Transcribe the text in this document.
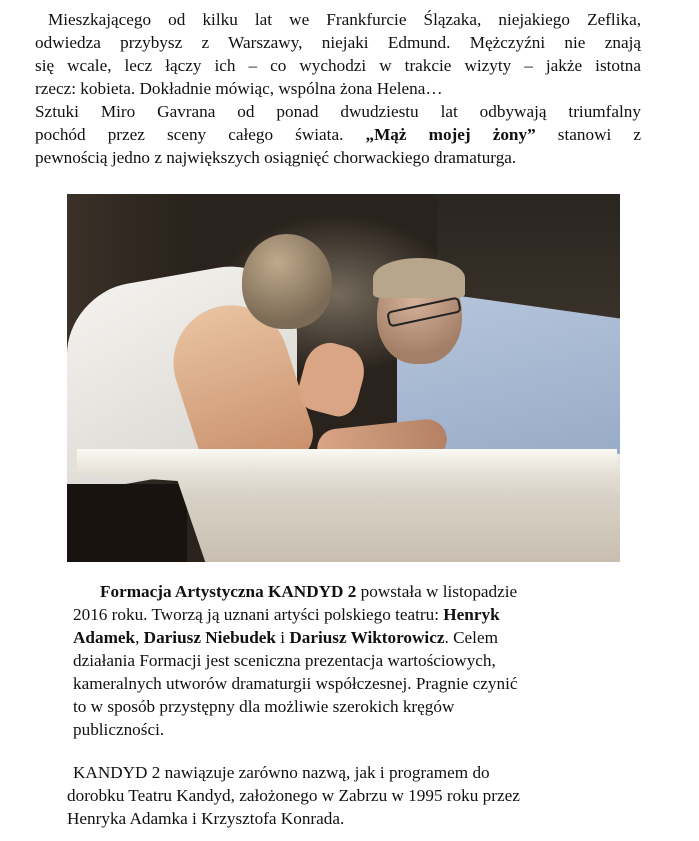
Mieszkającego od kilku lat we Frankfurcie Ślązaka, niejakiego Zeflika,
odwiedza przybysz z Warszawy, niejaki Edmund. Mężczyźni nie znają
się wcale, lecz łączy ich – co wychodzi w trakcie wizyty – jakże istotna
rzecz: kobieta. Dokładnie mówiąc, wspólna żona Helena…
Sztuki Miro Gavrana od ponad dwudziestu lat odbywają triumfalny
pochód przez sceny całego świata. „Mąż mojej żony” stanowi z
pewnością jedno z największych osiągnięć chorwackiego dramaturga.
Formacja Artystyczna KANDYD 2 powstała w listopadzie
2016 roku. Tworzą ją uznani artyści polskiego teatru: Henryk
Adamek, Dariusz Niebudek i Dariusz Wiktorowicz. Celem
działania Formacji jest sceniczna prezentacja wartościowych,
kameralnych utworów dramaturgii współczesnej. Pragnie czynić
to w sposób przystępny dla możliwie szerokich kręgów
publiczności.
KANDYD 2 nawiązuje zarówno nazwą, jak i programem do
dorobku Teatru Kandyd, założonego w Zabrzu w 1995 roku przez
Henryka Adamka i Krzysztofa Konrada.
